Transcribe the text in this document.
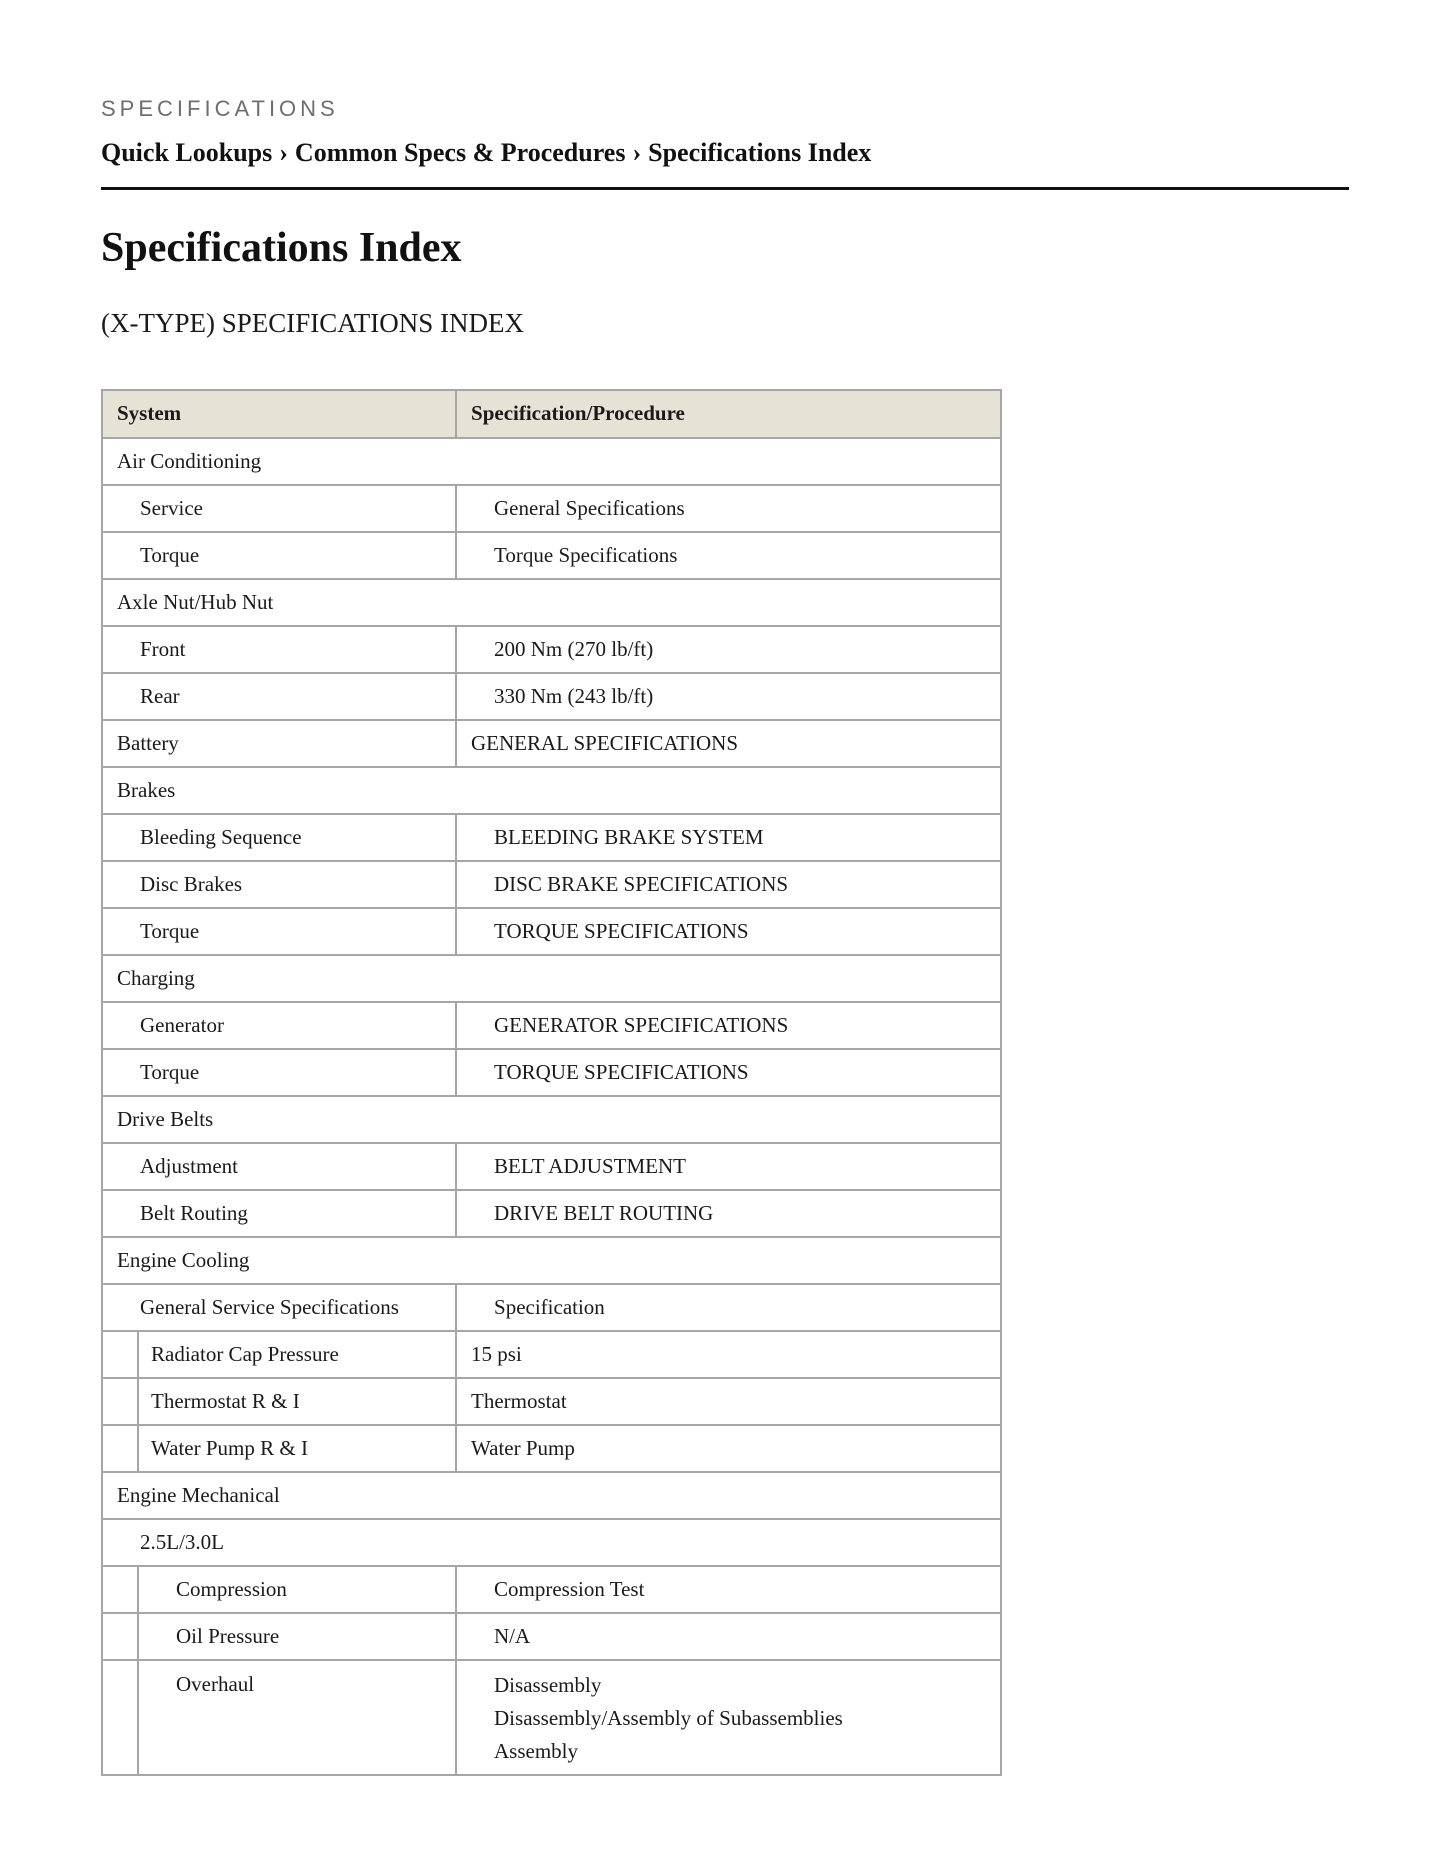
SPECIFICATIONS
Quick Lookups › Common Specs & Procedures › Specifications Index
Specifications Index
(X-TYPE) SPECIFICATIONS INDEX
System		Specification/Procedure
Air Conditioning		
Service		General Specifications
Torque		Torque Specifications
Axle Nut/Hub Nut		
Front		200 Nm (270 lb/ft)
Rear		330 Nm (243 lb/ft)
Battery		GENERAL SPECIFICATIONS
Brakes		
Bleeding Sequence		BLEEDING BRAKE SYSTEM
Disc Brakes		DISC BRAKE SPECIFICATIONS
Torque		TORQUE SPECIFICATIONS
Charging		
Generator		GENERATOR SPECIFICATIONS
Torque		TORQUE SPECIFICATIONS
Drive Belts		
Adjustment		BELT ADJUSTMENT
Belt Routing		DRIVE BELT ROUTING
Engine Cooling		
General Service Specifications		Specification
	Radiator Cap Pressure	15 psi
	Thermostat R & I	Thermostat
	Water Pump R & I	Water Pump
Engine Mechanical		
2.5L/3.0L		
	Compression	Compression Test
	Oil Pressure	N/A
	Overhaul	Disassembly
Disassembly/Assembly of Subassemblies
Assembly
